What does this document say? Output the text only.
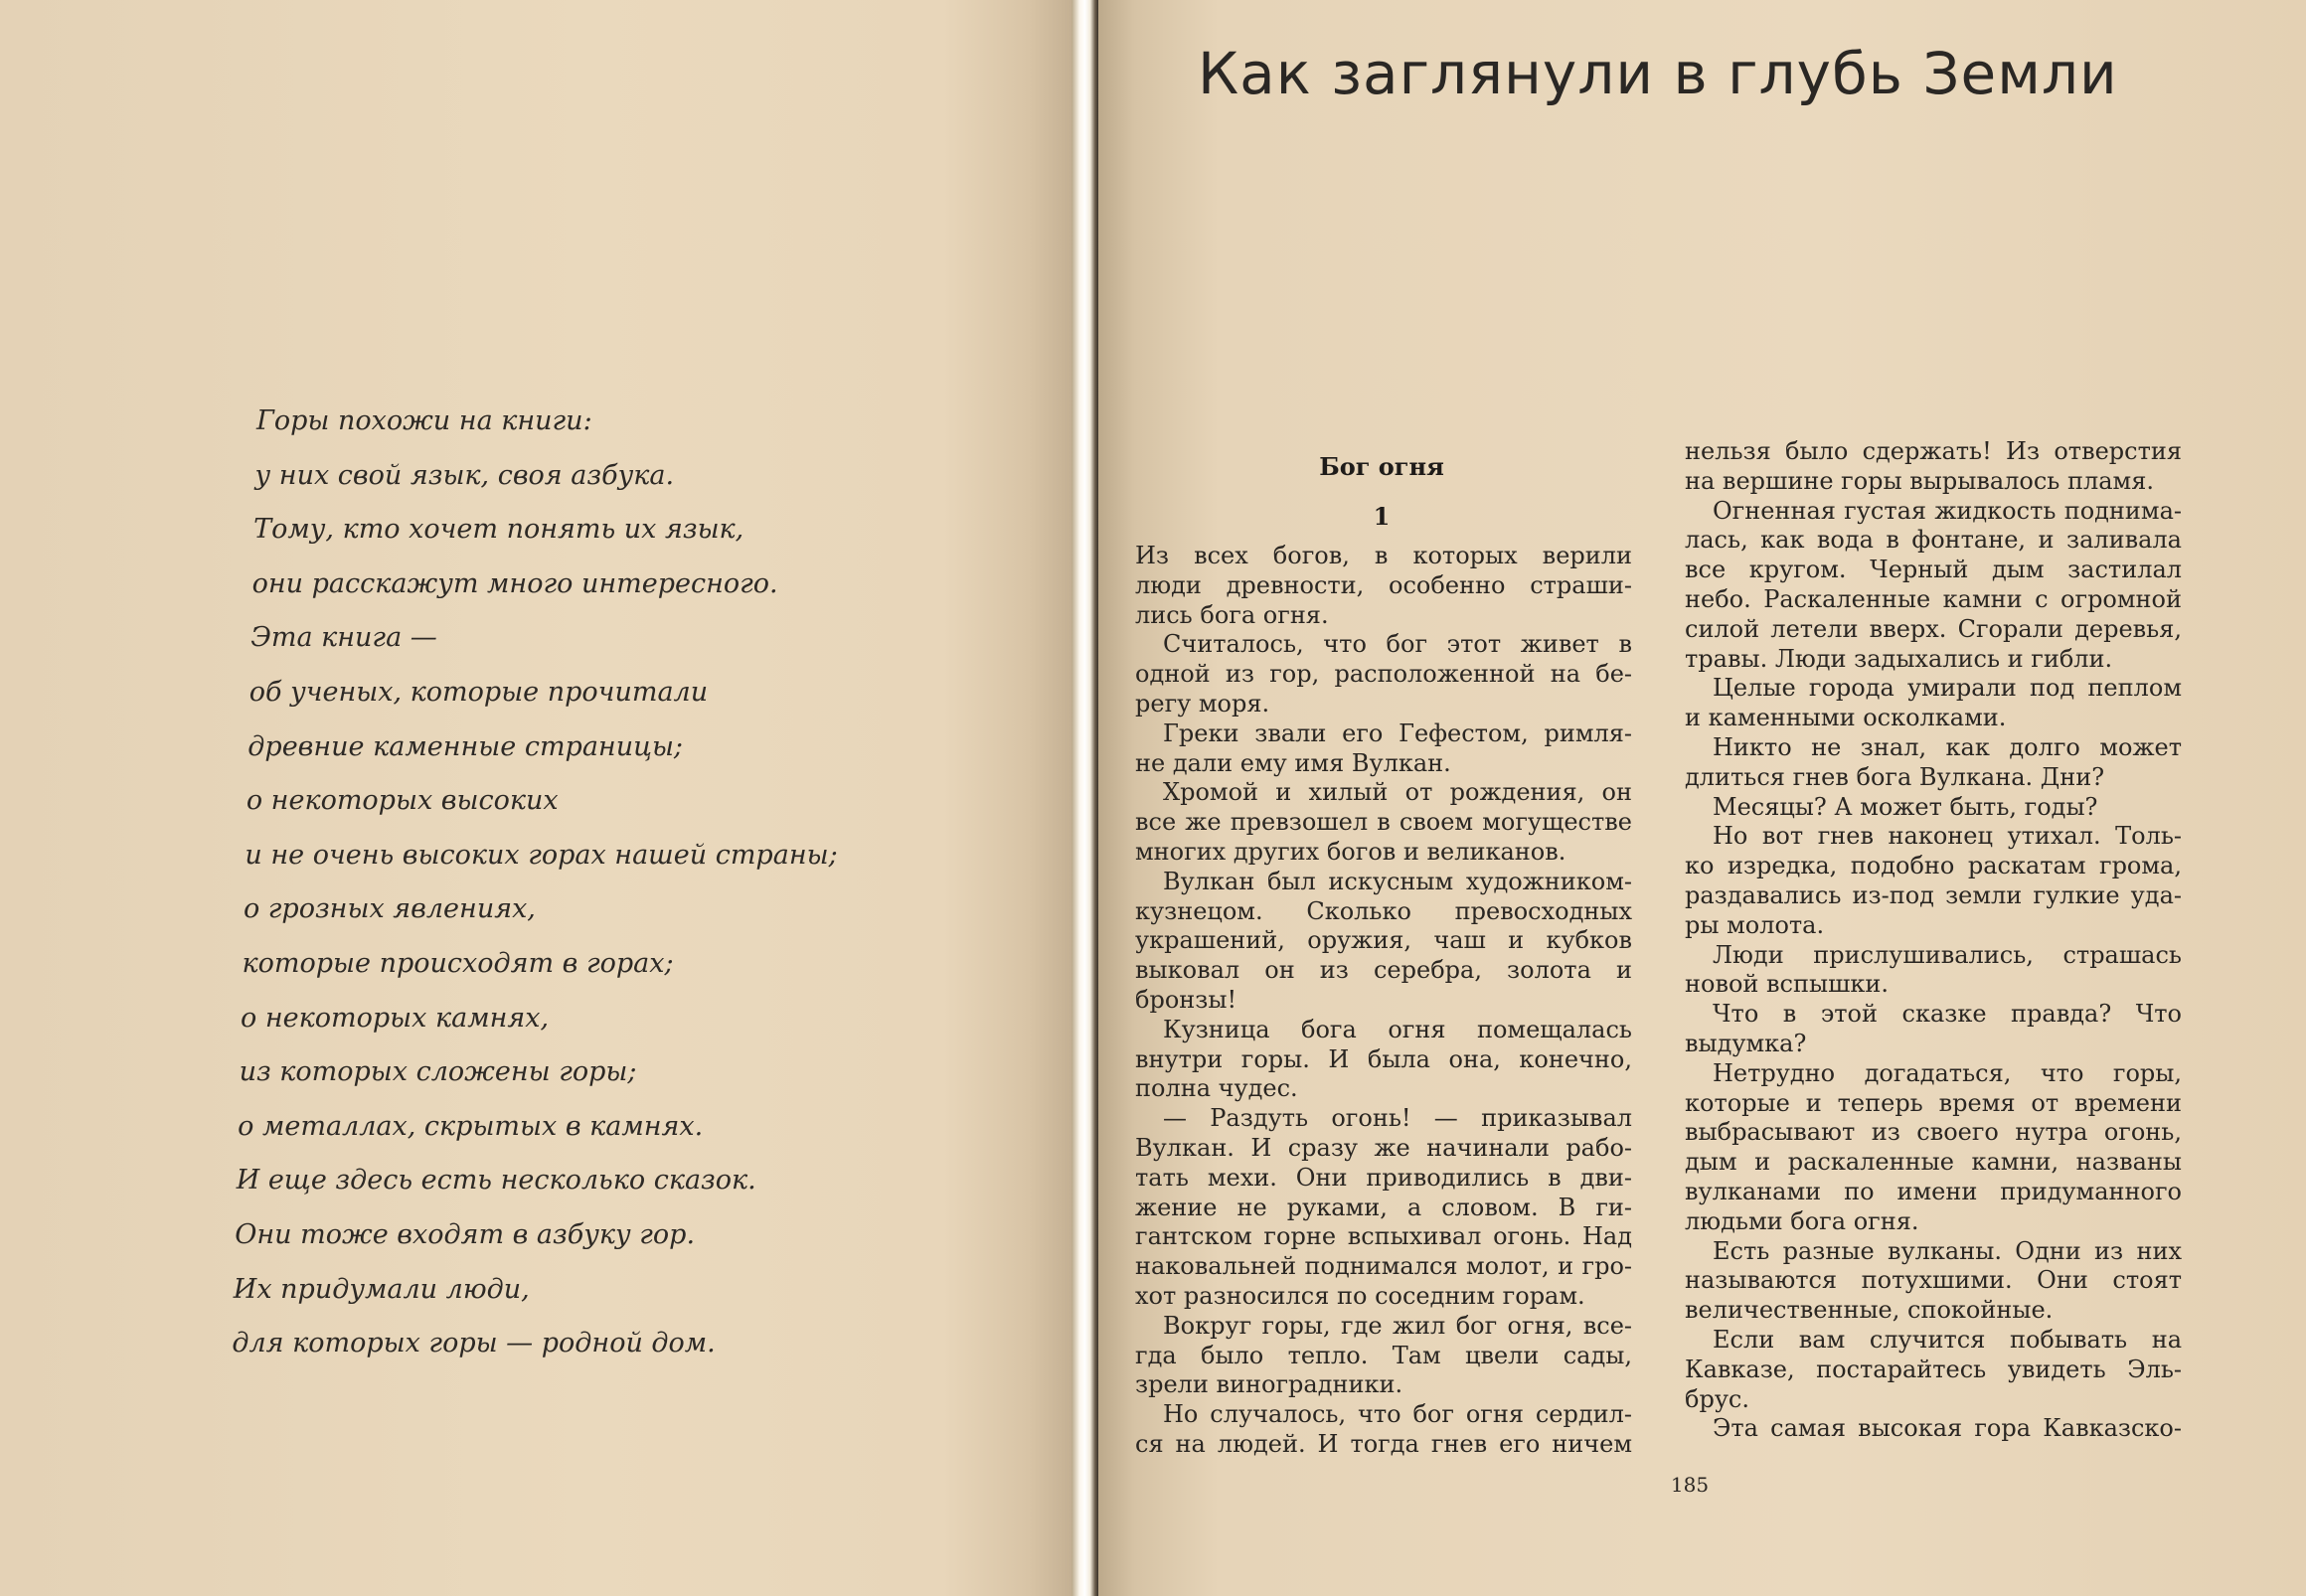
Горы похожи на книги:
у них свой язык, своя азбука.
Тому, кто хочет понять их язык,
они расскажут много интересного.
Эта книга —
об ученых, которые прочитали
древние каменные страницы;
о некоторых высоких
и не очень высоких горах нашей страны;
о грозных явлениях,
которые происходят в горах;
о некоторых камнях,
из которых сложены горы;
о металлах, скрытых в камнях.
И еще здесь есть несколько сказок.
Они тоже входят в азбуку гор.
Их придумали люди,
для которых горы — родной дом.
Как заглянули в глубь Земли
Бог огня
1
Из всех богов, в которых верили
люди древности, особенно страши-
лись бога огня.
Считалось, что бог этот живет в
одной из гор, расположенной на бе-
регу моря.
Греки звали его Гефестом, римля-
не дали ему имя Вулкан.
Хромой и хилый от рождения, он
все же превзошел в своем могуществе
многих других богов и великанов.
Вулкан был искусным художником-
кузнецом. Сколько превосходных
украшений, оружия, чаш и кубков
выковал он из серебра, золота и
бронзы!
Кузница бога огня помещалась
внутри горы. И была она, конечно,
полна чудес.
— Раздуть огонь! — приказывал
Вулкан. И сразу же начинали рабо-
тать мехи. Они приводились в дви-
жение не руками, а словом. В ги-
гантском горне вспыхивал огонь. Над
наковальней поднимался молот, и гро-
хот разносился по соседним горам.
Вокруг горы, где жил бог огня, все-
гда было тепло. Там цвели сады,
зрели виноградники.
Но случалось, что бог огня сердил-
ся на людей. И тогда гнев его ничем
нельзя было сдержать! Из отверстия
на вершине горы вырывалось пламя.
Огненная густая жидкость поднима-
лась, как вода в фонтане, и заливала
все кругом. Черный дым застилал
небо. Раскаленные камни с огромной
силой летели вверх. Сгорали деревья,
травы. Люди задыхались и гибли.
Целые города умирали под пеплом
и каменными осколками.
Никто не знал, как долго может
длиться гнев бога Вулкана. Дни?
Месяцы? А может быть, годы?
Но вот гнев наконец утихал. Толь-
ко изредка, подобно раскатам грома,
раздавались из-под земли гулкие уда-
ры молота.
Люди прислушивались, страшась
новой вспышки.
Что в этой сказке правда? Что
выдумка?
Нетрудно догадаться, что горы,
которые и теперь время от времени
выбрасывают из своего нутра огонь,
дым и раскаленные камни, названы
вулканами по имени придуманного
людьми бога огня.
Есть разные вулканы. Одни из них
называются потухшими. Они стоят
величественные, спокойные.
Если вам случится побывать на
Кавказе, постарайтесь увидеть Эль-
брус.
Эта самая высокая гора Кавказско-
185
